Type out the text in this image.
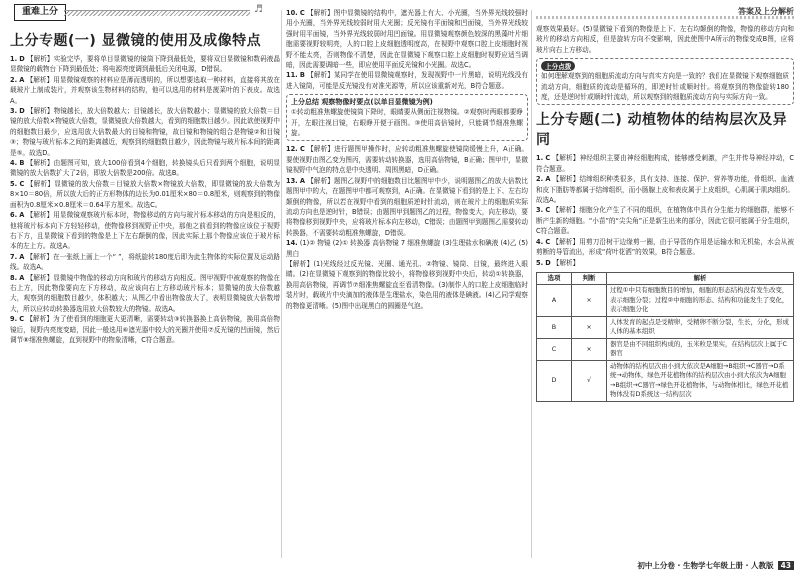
重难上分	♬	答案及上分解析
上分专题(一) 显微镜的使用及成像特点

1. D 【解析】实验完毕，要将单目显微镜的镜筒下降到最低处，要将双目显微镜和数码液晶显微镜的载物台下降到最低处；将电源亮度调到最低后关闭电源，D错误。

2. A 【解析】用显微镜观察的材料应是薄而透明的，所以想要选取一种材料，直接将其放在载玻片上制成装片，并观察该生物材料的结构，他可以选用的材料是菠菜叶的下表皮。故选A。

3. D 【解析】物镜越长，放大倍数越大；目镜越长，放大倍数越小；显微镜的放大倍数＝目镜的放大倍数×物镜放大倍数，显微镜放大倍数越大，看到的细胞数目越少。因此欲使视野中的细胞数目最少，应选用放大倍数最大的目镜和物镜，故目镜和物镜的组合是物镜②和目镜③；物镜与玻片标本之间的距离越近，观察到的细胞数目越少，因此物镜与玻片标本间的距离是⑤。故选D。

4. B 【解析】由题图可知，放大100倍看到4个细胞，转换镜头后只看到两个细胞，说明显微镜的放大倍数扩大了2倍，即放大倍数是200倍。故选B。

5. C 【解析】显微镜的放大倍数＝目镜放大倍数×物镜放大倍数，即显微镜的放大倍数为8×10＝80倍，所以放大后的正方形物体的边长为0.01厘米×80＝0.8厘米，则观察到的物像面积为0.8厘米×0.8厘米＝0.64平方厘米。故选C。

6. A 【解析】用显微镜观察玻片标本时，物像移动的方向与玻片标本移动的方向是相反的，他将玻片标本向下方轻轻移动，使物像移到视野正中央，那他之前看到的物像应该位于视野右下方，且显微镜下看到的物像是上下左右颠倒的像，因此实际上那个物像应该位于玻片标本的左上方。故选A。

7. A 【解析】在一张纸上画上一个“ ”，将纸旋转180度后即为此生物体的实际位置及运动路线。故选A。

8. A 【解析】显微镜中物像的移动方向和玻片的移动方向相反。图甲视野中被观察的物像在右上方，因此物像要向左下方移动，故应该向右上方移动玻片标本；显微镜的放大倍数越大，观察到的细胞数目越少，体积越大；从图乙中看出物像放大了，表明显微镜放大倍数增大，所以应转动转换器选用放大倍数较大的物镜。故选A。

9. C 【解析】为了使看到的细胞更大更清晰，需要转动③转换器换上高倍物镜，换用高倍物镜后，视野内亮度变暗，因此一般选用⑥遮光器中较大的光圈并使用⑦反光镜的凹面镜，然后调节⑧细准焦螺旋，直到视野中的物象清晰，C符合题意。

10. C 【解析】图中显微镜的结构中，遮光器上有大、小光圈，当外界光线较强时用小光圈，当外界光线较弱时用大光圈；反光镜有平面镜和凹面镜，当外界光线较强时用平面镜，当外界光线较弱时用凹面镜。用显微镜观察颜色较深的黑藻叶片细胞需要视野较明亮，人的口腔上皮细胞透明度高，在视野中观察口腔上皮细胞时视野不能太亮，否则物像不清楚，因此在显微镜下观察口腔上皮细胞时视野应适当调暗，因此需要调暗一些，即应使用平面反光镜和小光圈。故选C。

11. B 【解析】某同学在使用显微镜观察时，发现视野中一片黑暗，说明光线没有进入镜筒，可能是反光镜没有对准光源等，所以应该重新对光，B符合题意。

上分总结 观察物像时要点(以单目显微镜为例)

①转动粗准焦螺旋使镜筒下降时，眼睛要从侧面注视物镜。②观察时两眼都要睁开，左眼注视目镜，右眼睁开便于画图。③使用高倍镜时，只能调节细准焦螺旋。

12. C 【解析】进行题图甲操作时，应转动粗准焦螺旋使镜筒缓慢上升，A正确。要使视野由图乙变为图丙，需要转动转换器，选用高倍物镜，B正确；图甲中，显微镜视野中气泡的特点是中央透明、周围黑暗，D正确。

13. A 【解析】题图乙视野中的细胞数目比题图甲中少，说明题图乙的放大倍数比题图甲中的大，在题图甲中都可观察到，A正确。在显微镜下看到的是上下、左右均颠倒的物像，所以若在视野中看到的细胞质逆时针流动，则在玻片上的细胞质实际流动方向也是逆时针，B错误；由题图甲到题图乙的过程，物像变大，向左移动，要将物像移到视野中央，应将玻片标本向左移动，C错误；由题图甲到题图乙需要转动转换器，不需要转动粗准焦螺旋，D错误。

14. (1)② 物镜 (2)① 转换器 高倍物镜 7 细准焦螺旋 (3)生理盐水和碘液 (4)乙 (5)黑白

【解析】(1)光线经过反光镜、光圈、通光孔、②物镜、镜筒、目镜，最终进入眼睛。(2)在显微镜下观察到的物像比较小，将物像移到视野中央后，转动①转换器，换用高倍物镜，再调节⑦细准焦螺旋直至看清物像。(3)制作人的口腔上皮细胞临时装片时，载玻片中央滴加的液体是生理盐水，染色用的液体是碘液。(4)乙同学观察的物像更清晰。(5)图中出现黑白的圆圈是气泡。

观察效果最好。(5)显微镜下看到的物像是上下、左右均颠倒的物像，物像的移动方向和玻片的移动方向相反，但是旋转方向不变影响，因此使图中A所示的物像变成B图，应将玻片向右上方移动。

上分点拨

如何理解观察到的细胞质流动方向与真实方向是一致的？我们在显微镜下观察细胞质流动方向，细胞质的流动是循环的，即逆时针或顺时针。将观察到的物像旋转180度，还是逆时针或顺时针流动，所以观察到的细胞质流动方向与实际方向一致。

上分专题(二) 动植物体的结构层次及异同

1. C 【解析】神经组织主要由神经细胞构成，能够感受刺激，产生并传导神经冲动，C符合题意。

2. A 【解析】结缔组织种类很多，具有支持、连接、保护、营养等功能，骨组织、血液和皮下脂肪等都属于结缔组织，而小肠腺上皮和表皮属于上皮组织，心肌属于肌肉组织。故选A。

3. C 【解析】细胞分化产生了不同的组织，在植物体中具有分生能力的细胞群，能够不断产生新的细胞。“小苗”的“尖尖角”正是新生出来的部分，因此它很可能属于分生组织，C符合题意。

4. C 【解析】用剪刀沿树干边缘剪一圈，由于导管的作用是运输水和无机盐，水会从被剪断的导管流出，形成“荷叶花洒”的效果，B符合题意。

5. D 【解析】

选项	判断	解析
A	×	过程①中只有细胞数目的增加，细胞的形态结构没有发生改变，表示细胞分裂；过程②中细胞的形态、结构和功能发生了变化，表示细胞分化
B	×	人体发育的起点是受精卵，受精卵不断分裂，生长，分化，形成人体的基本组织
C	×	器官是由不同组织构成的，玉米粒是果实，在结构层次上属于C器官
D	√	动物体的结构层次由小到大依次是A细胞→B组织→C器官→D系统→动物体，绿色开花植物体的结构层次由小到大依次为A细胞→B组织→C器官→绿色开花植物体，与动物体相比，绿色开花植物体没有D系统这一结构层次
初中上分卷 · 生物学七年级上册 · 人教版 43
